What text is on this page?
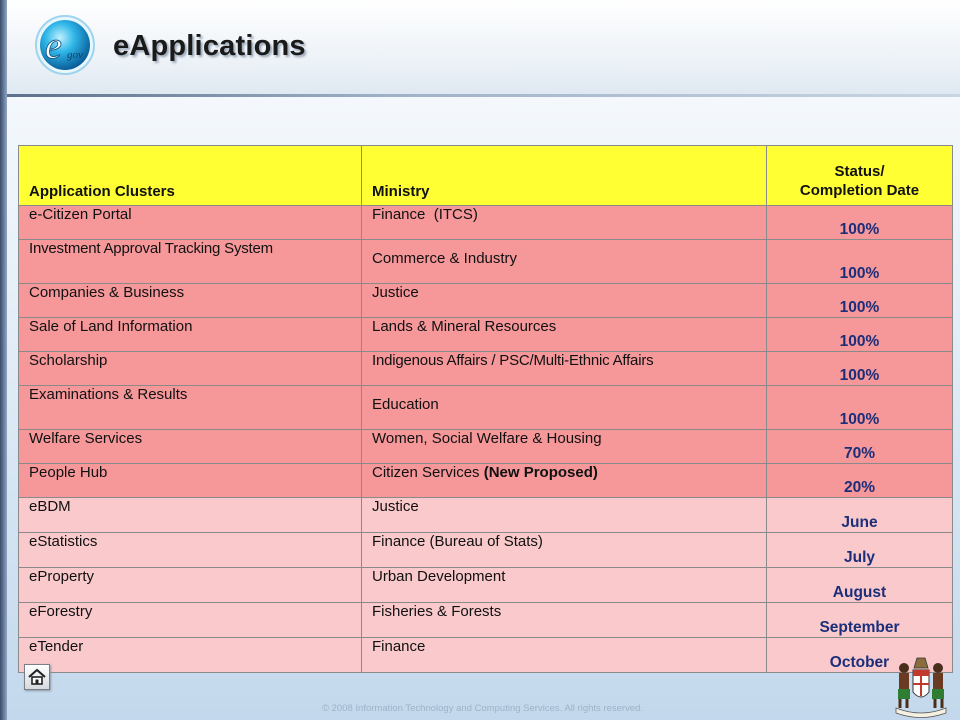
e gov eApplications
Application Clusters	Ministry	Status/
Completion Date

e-Citizen Portal	Finance  (ITCS)	100%
Investment Approval Tracking System	Commerce & Industry	100%
Companies & Business	Justice	100%
Sale of Land Information	Lands & Mineral Resources	100%
Scholarship	Indigenous Affairs / PSC/Multi-Ethnic Affairs	100%
Examinations & Results	Education	100%
Welfare Services	Women, Social Welfare & Housing	70%
People Hub	Citizen Services (New Proposed)	20%
eBDM	Justice	June
eStatistics	Finance (Bureau of Stats)	July
eProperty	Urban Development	August
eForestry	Fisheries & Forests	September
eTender	Finance	October
© 2008 Information Technology and Computing Services. All rights reserved.
